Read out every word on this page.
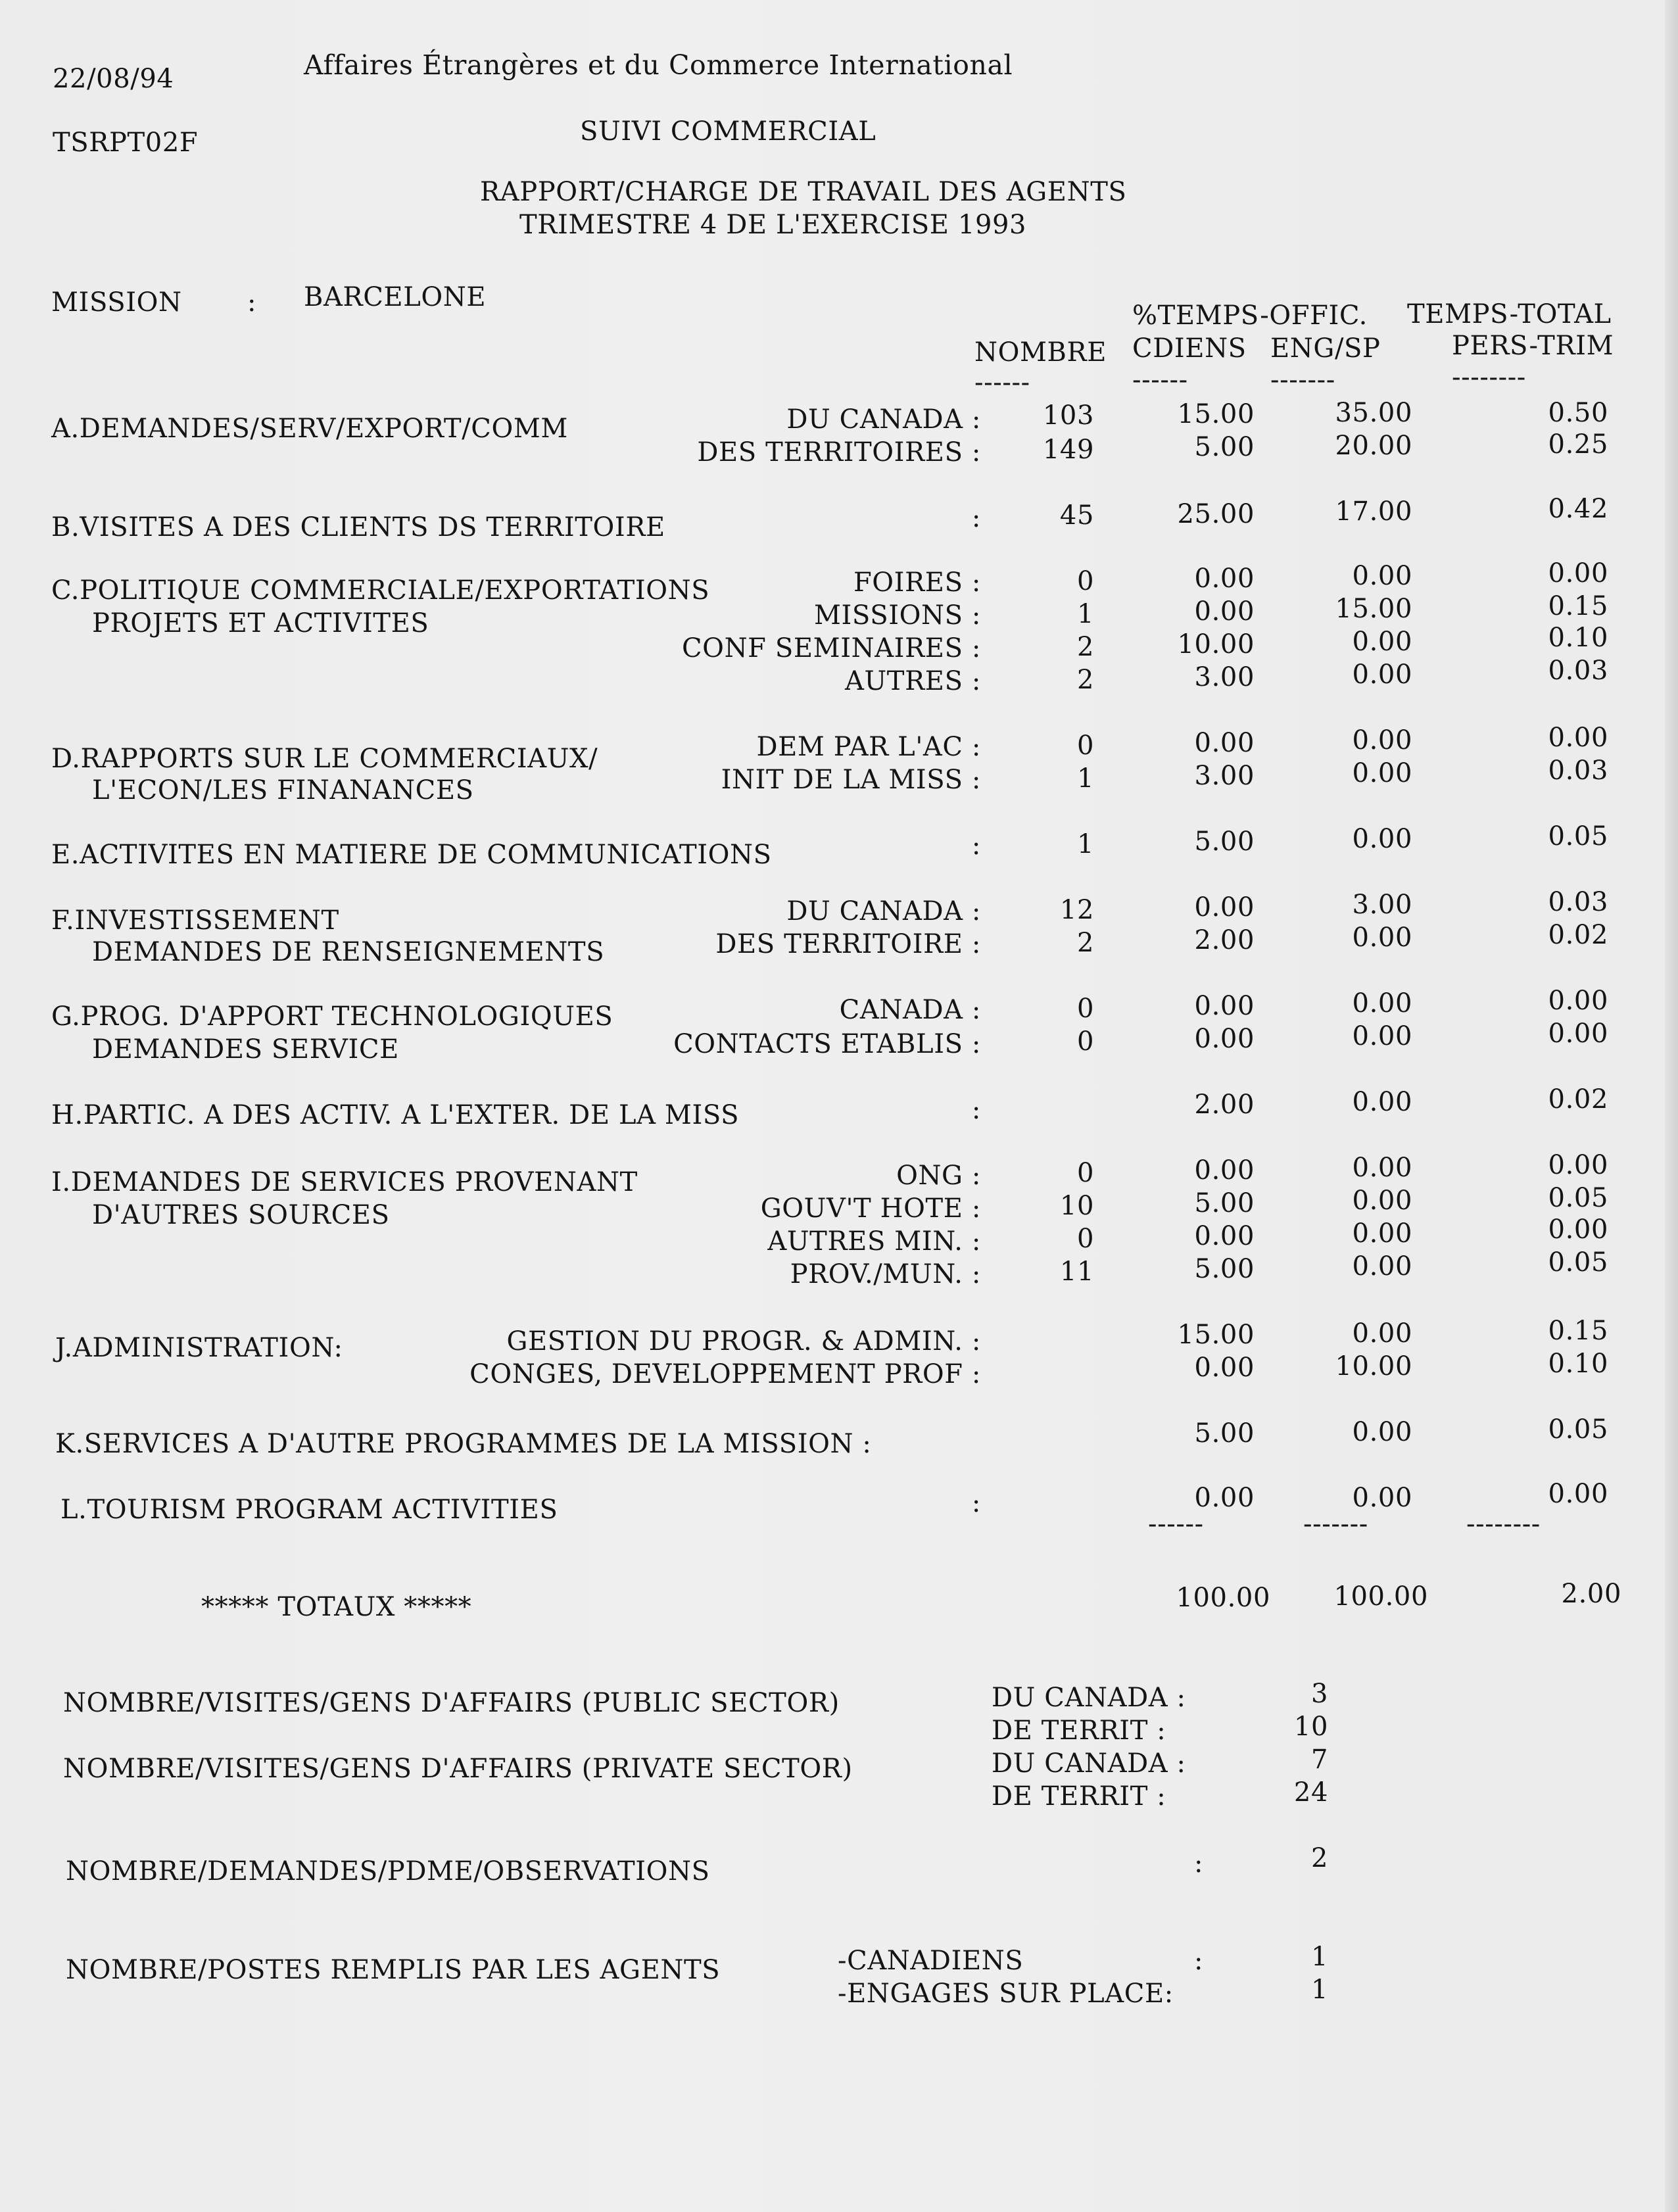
22/08/94	Affaires Étrangères et du Commerce International
TSRPT02F	SUIVI COMMERCIAL
RAPPORT/CHARGE DE TRAVAIL DES AGENTS
TRIMESTRE 4 DE L'EXERCISE 1993
MISSION : BARCELONE
%TEMPS-OFFIC. TEMPS-TOTAL
NOMBRE CDIENS ENG/SP	PERS-TRIM
------	------	-------	--------
A.DEMANDES/SERV/EXPORT/COMM	DU CANADA : 103	15.00	35.00	0.50
DES TERRITOIRES : 149	5.00	20.00	0.25
B.VISITES A DES CLIENTS DS TERRITOIRE	:	45	25.00	17.00	0.42
C.POLITIQUE COMMERCIALE/EXPORTATIONS
PROJETS ET ACTIVITES
FOIRES :	0	0.00	0.00	0.00
MISSIONS :	1	0.00	15.00	0.15
CONF SEMINAIRES :	2	10.00	0.00	0.10
AUTRES :	2	3.00	0.00	0.03
D.RAPPORTS SUR LE COMMERCIAUX/
L'ECON/LES FINANANCES
DEM PAR L'AC :	0	0.00	0.00	0.00
INIT DE LA MISS :	1	3.00	0.00	0.03
E.ACTIVITES EN MATIERE DE COMMUNICATIONS	:	1	5.00	0.00	0.05
F.INVESTISSEMENT
DEMANDES DE RENSEIGNEMENTS
DU CANADA :	12	0.00	3.00	0.03
DES TERRITOIRE :	2	2.00	0.00	0.02
G.PROG. D'APPORT TECHNOLOGIQUES
DEMANDES SERVICE
CANADA :	0	0.00	0.00	0.00
CONTACTS ETABLIS :	0	0.00	0.00	0.00
H.PARTIC. A DES ACTIV. A L'EXTER. DE LA MISS	:	2.00	0.00	0.02
I.DEMANDES DE SERVICES PROVENANT
D'AUTRES SOURCES
ONG :	0	0.00	0.00	0.00
GOUV'T HOTE :	10	5.00	0.00	0.05
AUTRES MIN. :	0	0.00	0.00	0.00
PROV./MUN. :	11	5.00	0.00	0.05
J.ADMINISTRATION:	GESTION DU PROGR. & ADMIN. :	15.00	0.00	0.15
CONGES, DEVELOPPEMENT PROF :	0.00	10.00	0.10
K.SERVICES A D'AUTRE PROGRAMMES DE LA MISSION :	5.00	0.00	0.05
L.TOURISM PROGRAM ACTIVITIES	:	0.00	0.00	0.00
------	-------	--------
***** TOTAUX *****	100.00 100.00	2.00
NOMBRE/VISITES/GENS D'AFFAIRS (PUBLIC SECTOR)	DU CANADA :	3
DE TERRIT :	10
NOMBRE/VISITES/GENS D'AFFAIRS (PRIVATE SECTOR)	DU CANADA :	7
DE TERRIT :	24
NOMBRE/DEMANDES/PDME/OBSERVATIONS	:	2
NOMBRE/POSTES REMPLIS PAR LES AGENTS	-CANADIENS	:	1
-ENGAGES SUR PLACE:	1
